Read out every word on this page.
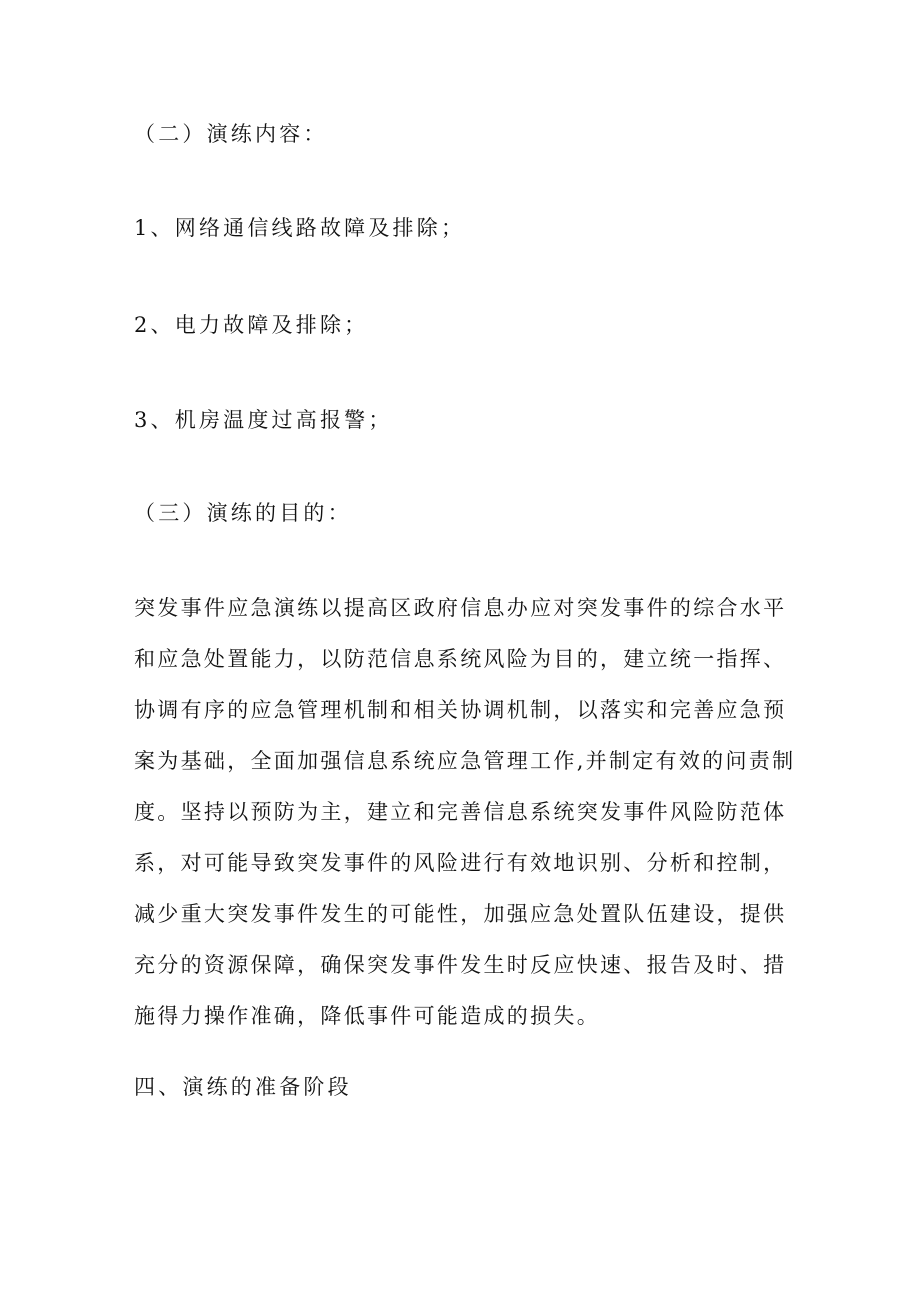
（二）演练内容：
1、网络通信线路故障及排除；
2、电力故障及排除；
3、机房温度过高报警；
（三）演练的目的：
突发事件应急演练以提高区政府信息办应对突发事件的综合水平
和应急处置能力，以防范信息系统风险为目的，建立统一指挥、
协调有序的应急管理机制和相关协调机制，以落实和完善应急预
案为基础，全面加强信息系统应急管理工作,并制定有效的问责制
度。坚持以预防为主，建立和完善信息系统突发事件风险防范体
系，对可能导致突发事件的风险进行有效地识别、分析和控制，
减少重大突发事件发生的可能性，加强应急处置队伍建设，提供
充分的资源保障，确保突发事件发生时反应快速、报告及时、措
施得力操作准确，降低事件可能造成的损失。
四、演练的准备阶段
